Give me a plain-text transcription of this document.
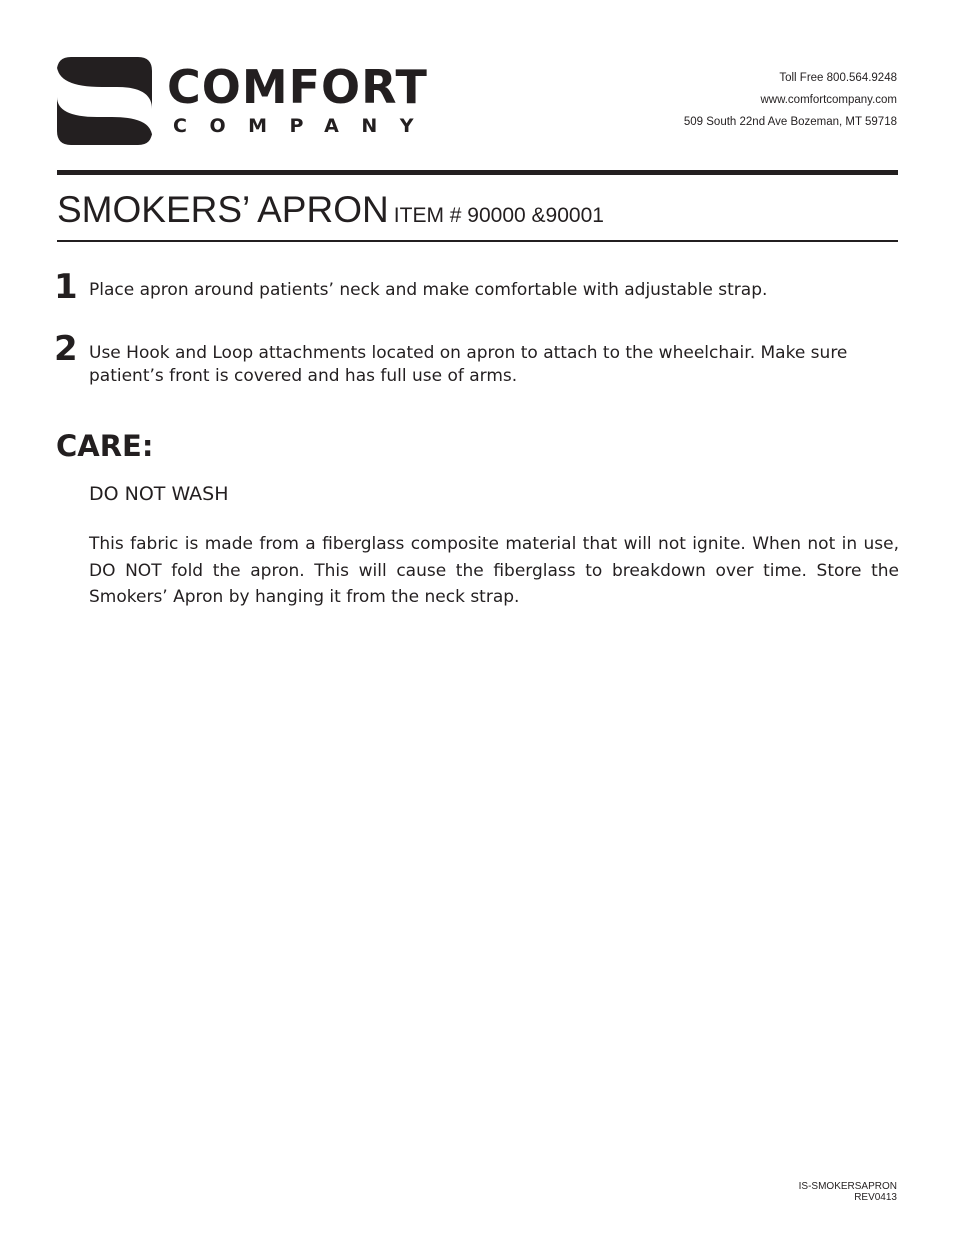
COMFORT
COMPANY
Toll Free 800.564.9248
www.comfortcompany.com
509 South 22nd Ave Bozeman, MT 59718
SMOKERS’ APRON ITEM # 90000 &90001
1 Place apron around patients’ neck and make comfortable with adjustable strap.
2 Use Hook and Loop attachments located on apron to attach to the wheelchair. Make sure patient’s front is covered and has full use of arms.
CARE:
DO NOT WASH
This fabric is made from a fiberglass composite material that will not ignite. When not in use, DO NOT fold the apron. This will cause the fiberglass to breakdown over time. Store the Smokers’ Apron by hanging it from the neck strap.
IS-SMOKERSAPRON
REV0413
